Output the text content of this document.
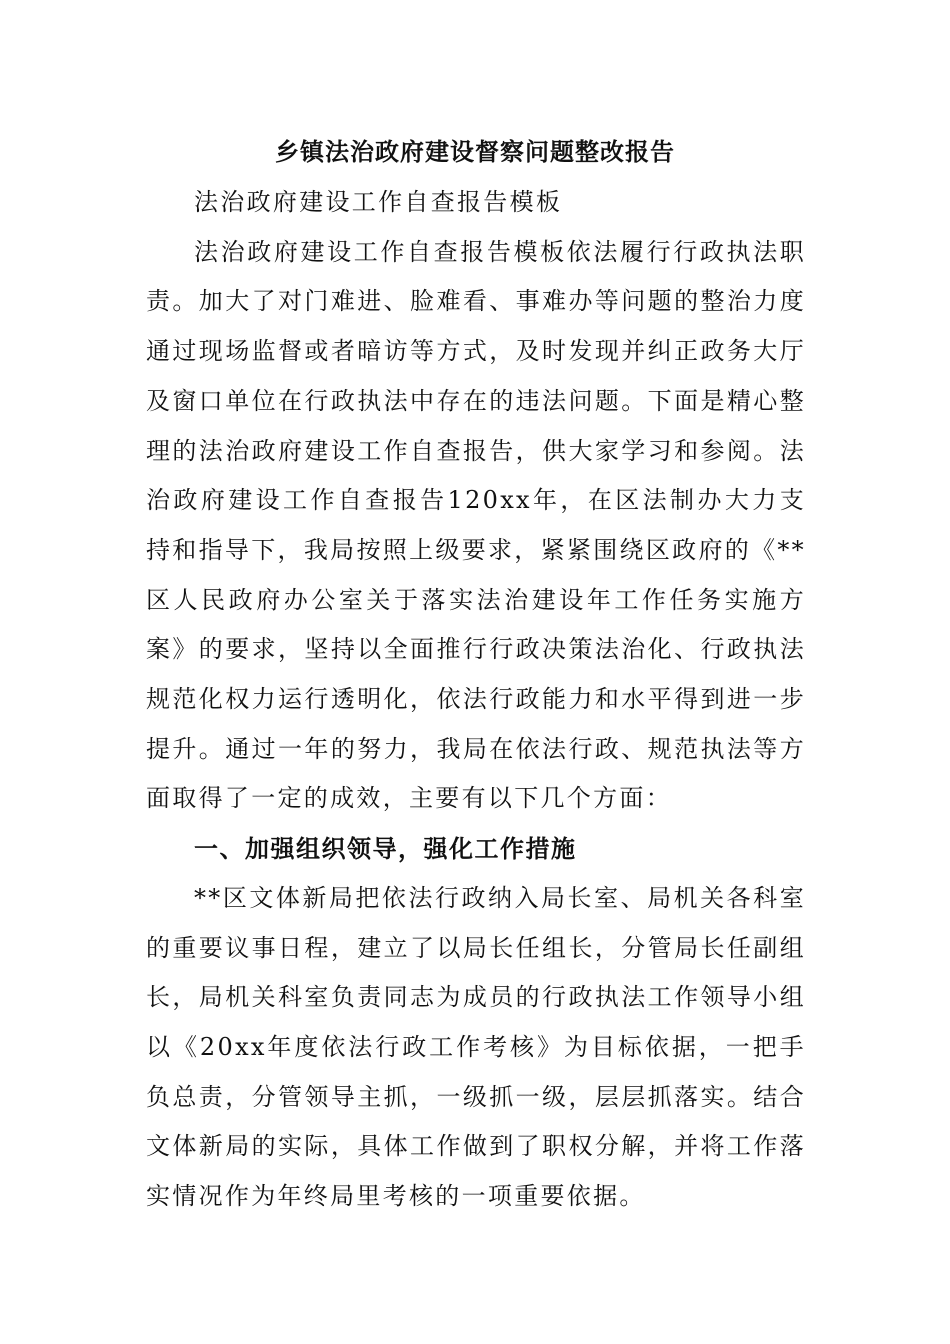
乡镇法治政府建设督察问题整改报告

法治政府建设工作自查报告模板

法治政府建设工作自查报告模板依法履行行政执法职责。加大了对门难进、脸难看、事难办等问题的整治力度通过现场监督或者暗访等方式，及时发现并纠正政务大厅及窗口单位在行政执法中存在的违法问题。下面是精心整理的法治政府建设工作自查报告，供大家学习和参阅。法治政府建设工作自查报告120xx年，在区法制办大力支持和指导下，我局按照上级要求，紧紧围绕区政府的《**区人民政府办公室关于落实法治建设年工作任务实施方案》的要求，坚持以全面推行行政决策法治化、行政执法规范化权力运行透明化，依法行政能力和水平得到进一步提升。通过一年的努力，我局在依法行政、规范执法等方面取得了一定的成效，主要有以下几个方面：

一、加强组织领导，强化工作措施

**区文体新局把依法行政纳入局长室、局机关各科室的重要议事日程，建立了以局长任组长，分管局长任副组长，局机关科室负责同志为成员的行政执法工作领导小组以《20xx年度依法行政工作考核》为目标依据，一把手负总责，分管领导主抓，一级抓一级，层层抓落实。结合文体新局的实际，具体工作做到了职权分解，并将工作落实情况作为年终局里考核的一项重要依据。
